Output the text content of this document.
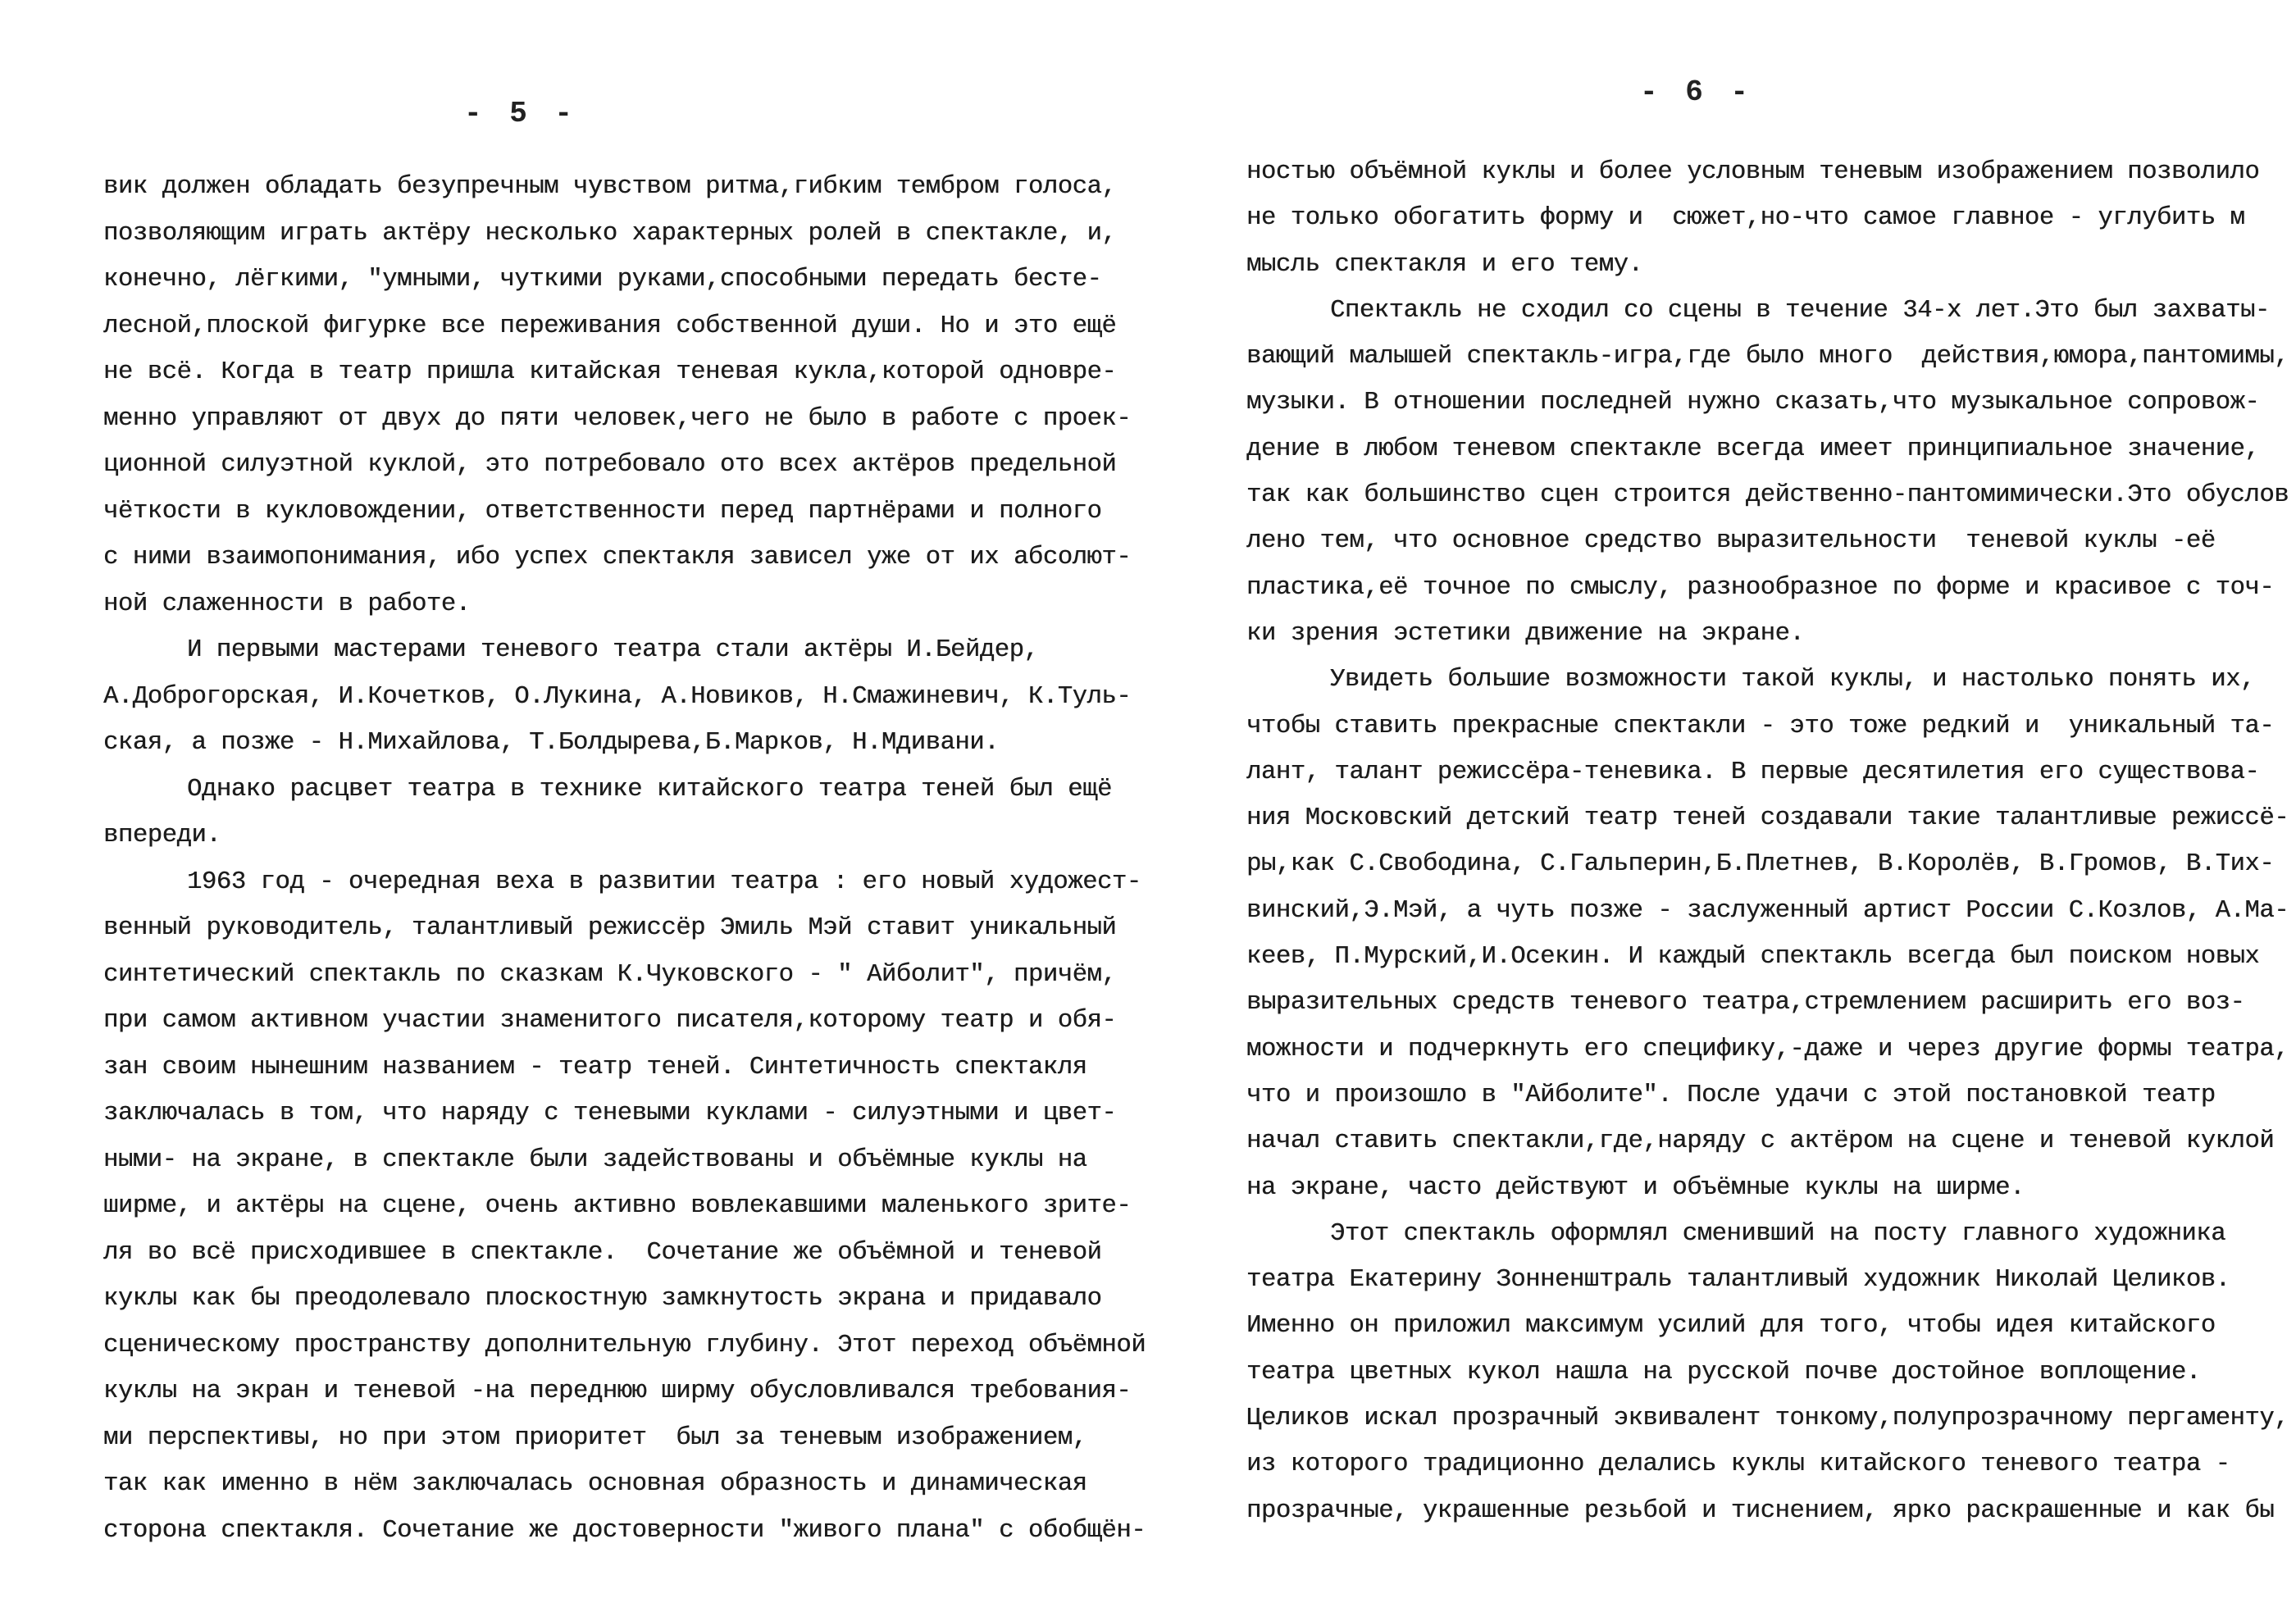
- 5 -
вик должен обладать безупречным чувством ритма,гибким тембром голоса,
позволяющим играть актёру несколько характерных ролей в спектакле, и,
конечно, лёгкими, "умными, чуткими руками,способными передать бесте-
лесной,плоской фигурке все переживания собственной души. Но и это ещё
не всё. Когда в театр пришла китайская теневая кукла,которой одновре-
менно управляют от двух до пяти человек,чего не было в работе с проек-
ционной силуэтной куклой, это потребовало ото всех актёров предельной
чёткости в кукловождении, ответственности перед партнёрами и полного
с ними взаимопонимания, ибо успех спектакля зависел уже от их абсолют-
ной слаженности в работе.
И первыми мастерами теневого театра стали актёры И.Бейдер,
А.Доброгорская, И.Кочетков, О.Лукина, А.Новиков, Н.Смажиневич, К.Туль-
ская, а позже - Н.Михайлова, Т.Болдырева,Б.Марков, Н.Мдивани.
Однако расцвет театра в технике китайского театра теней был ещё
впереди.
1963 год - очередная веха в развитии театра : его новый художест-
венный руководитель, талантливый режиссёр Эмиль Мэй ставит уникальный
синтетический спектакль по сказкам К.Чуковского - " Айболит", причём,
при самом активном участии знаменитого писателя,которому театр и обя-
зан своим нынешним названием - театр теней. Синтетичность спектакля
заключалась в том, что наряду с теневыми куклами - силуэтными и цвет-
ными- на экране, в спектакле были задействованы и объёмные куклы на
ширме, и актёры на сцене, очень активно вовлекавшими маленького зрите-
ля во всё присходившее в спектакле.  Сочетание же объёмной и теневой
куклы как бы преодолевало плоскостную замкнутость экрана и придавало
сценическому пространству дополнительную глубину. Этот переход объёмной
куклы на экран и теневой -на переднюю ширму обусловливался требования-
ми перспективы, но при этом приоритет  был за теневым изображением,
так как именно в нём заключалась основная образность и динамическая
сторона спектакля. Сочетание же достоверности "живого плана" с обобщён-
- 6 -
ностью объёмной куклы и более условным теневым изображением позволило
не только обогатить форму и  сюжет,но-что самое главное - углубить м
мысль спектакля и его тему.
Спектакль не сходил со сцены в течение 34-х лет.Это был захваты-
вающий малышей спектакль-игра,где было много  действия,юмора,пантомимы,
музыки. В отношении последней нужно сказать,что музыкальное сопровож-
дение в любом теневом спектакле всегда имеет принципиальное значение,
так как большинство сцен строится действенно-пантомимически.Это обуслов
лено тем, что основное средство выразительности  теневой куклы -её
пластика,её точное по смыслу, разнообразное по форме и красивое с точ-
ки зрения эстетики движение на экране.
Увидеть большие возможности такой куклы, и настолько понять их,
чтобы ставить прекрасные спектакли - это тоже редкий и  уникальный та-
лант, талант режиссёра-теневика. В первые десятилетия его существова-
ния Московский детский театр теней создавали такие талантливые режиссё-
ры,как С.Свободина, С.Гальперин,Б.Плетнев, В.Королёв, В.Громов, В.Тих-
винский,Э.Мэй, а чуть позже - заслуженный артист России С.Козлов, А.Ма-
кеев, П.Мурский,И.Осекин. И каждый спектакль всегда был поиском новых
выразительных средств теневого театра,стремлением расширить его воз-
можности и подчеркнуть его специфику,-даже и через другие формы театра,
что и произошло в "Айболите". После удачи с этой постановкой театр
начал ставить спектакли,где,наряду с актёром на сцене и теневой куклой
на экране, часто действуют и объёмные куклы на ширме.
Этот спектакль оформлял сменивший на посту главного художника
театра Екатерину Зонненштраль талантливый художник Николай Целиков.
Именно он приложил максимум усилий для того, чтобы идея китайского
театра цветных кукол нашла на русской почве достойное воплощение.
Целиков искал прозрачный эквивалент тонкому,полупрозрачному пергаменту,
из которого традиционно делались куклы китайского теневого театра -
прозрачные, украшенные резьбой и тиснением, ярко раскрашенные и как бы
